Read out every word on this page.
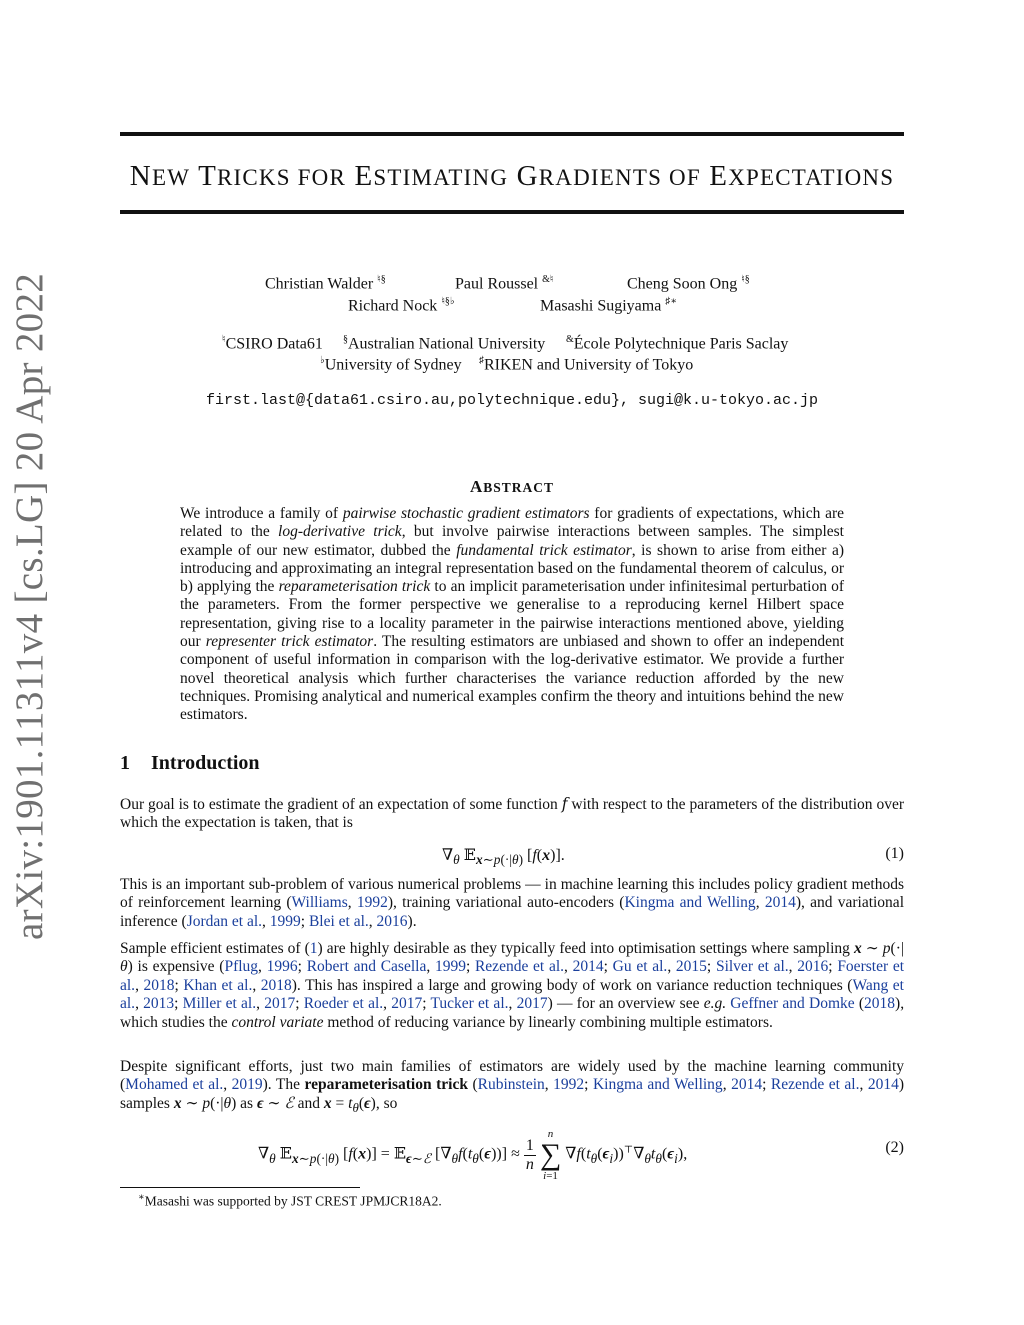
arXiv:1901.11311v4 [cs.LG] 20 Apr 2022
NEW TRICKS FOR ESTIMATING GRADIENTS OF EXPECTATIONS
Christian Walder ♮§	Paul Roussel &♮	Cheng Soon Ong ♮§
Richard Nock ♮§♭	Masashi Sugiyama ♯∗
♮CSIRO Data61 §Australian National University &École Polytechnique Paris Saclay
♭University of Sydney ♯RIKEN and University of Tokyo
first.last@{data61.csiro.au,polytechnique.edu}, sugi@k.u-tokyo.ac.jp
ABSTRACT
We introduce a family of pairwise stochastic gradient estimators for gradients of expectations, which are related to the log-derivative trick, but involve pairwise interactions between samples. The simplest example of our new estimator, dubbed the fundamental trick estimator, is shown to arise from either a) introducing and approximating an integral representation based on the fundamental theorem of calculus, or b) applying the reparameterisation trick to an implicit parameterisation under infinitesimal perturbation of the parameters. From the former perspective we generalise to a reproducing kernel Hilbert space representation, giving rise to a locality parameter in the pairwise interactions mentioned above, yielding our representer trick estimator. The resulting estimators are unbiased and shown to offer an independent component of useful information in comparison with the log-derivative estimator. We provide a further novel theoretical analysis which further characterises the variance reduction afforded by the new techniques. Promising analytical and numerical examples confirm the theory and intuitions behind the new estimators.
1 Introduction
Our goal is to estimate the gradient of an expectation of some function f with respect to the parameters of the distribution over which the expectation is taken, that is
$\nabla_\theta$ 𝔼$_{x\sim p(\cdot|\theta)}$ [f(x)].	(1)
This is an important sub-problem of various numerical problems — in machine learning this includes policy gradient methods of reinforcement learning (Williams, 1992), training variational auto-encoders (Kingma and Welling, 2014), and variational inference (Jordan et al., 1999; Blei et al., 2016).
Sample efficient estimates of (1) are highly desirable as they typically feed into optimisation settings where sampling x ∼ p(·|θ) is expensive (Pflug, 1996; Robert and Casella, 1999; Rezende et al., 2014; Gu et al., 2015; Silver et al., 2016; Foerster et al., 2018; Khan et al., 2018). This has inspired a large and growing body of work on variance reduction techniques (Wang et al., 2013; Miller et al., 2017; Roeder et al., 2017; Tucker et al., 2017) — for an overview see e.g. Geffner and Domke (2018), which studies the control variate method of reducing variance by linearly combining multiple estimators.
Despite significant efforts, just two main families of estimators are widely used by the machine learning community (Mohamed et al., 2019). The reparameterisation trick (Rubinstein, 1992; Kingma and Welling, 2014; Rezende et al., 2014) samples x ∼ p(·|θ) as ϵ ∼ ℰ and $x = t_\theta(\epsilon)$, so
$\nabla_\theta$ 𝔼$_{x\sim p(\cdot|\theta)}$ [f(x)] = 𝔼$_{\epsilon\sim ℰ}$ $[\nabla_\theta f(t_\theta(\epsilon))] \approx \frac{1}{n}$
n
∑
i=1 $\nabla f(t_\theta(\epsilon_i))^⊤\nabla_\theta t_\theta(\epsilon_i)$,	(2)
∗Masashi was supported by JST CREST JPMJCR18A2.
